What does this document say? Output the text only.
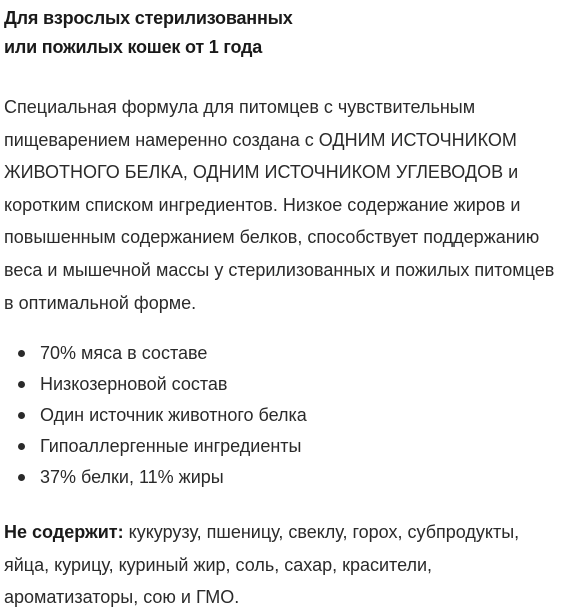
Для взрослых стерилизованных
или пожилых кошек от 1 года

Специальная формула для питомцев с чувствительным пищеварением намеренно создана с ОДНИМ ИСТОЧНИКОМ ЖИВОТНОГО БЕЛКА, ОДНИМ ИСТОЧНИКОМ УГЛЕВОДОВ и коротким списком ингредиентов. Низкое содержание жиров и повышенным содержанием белков, способствует поддержанию веса и мышечной массы у стерилизованных и пожилых питомцев в оптимальной форме.

70% мяса в составе
Низкозерновой состав
Один источник животного белка
Гипоаллергенные ингредиенты
37% белки, 11% жиры

Не содержит: кукурузу, пшеницу, свеклу, горох, субпродукты, яйца, курицу, куриный жир, соль, сахар, красители, ароматизаторы, сою и ГМО.
